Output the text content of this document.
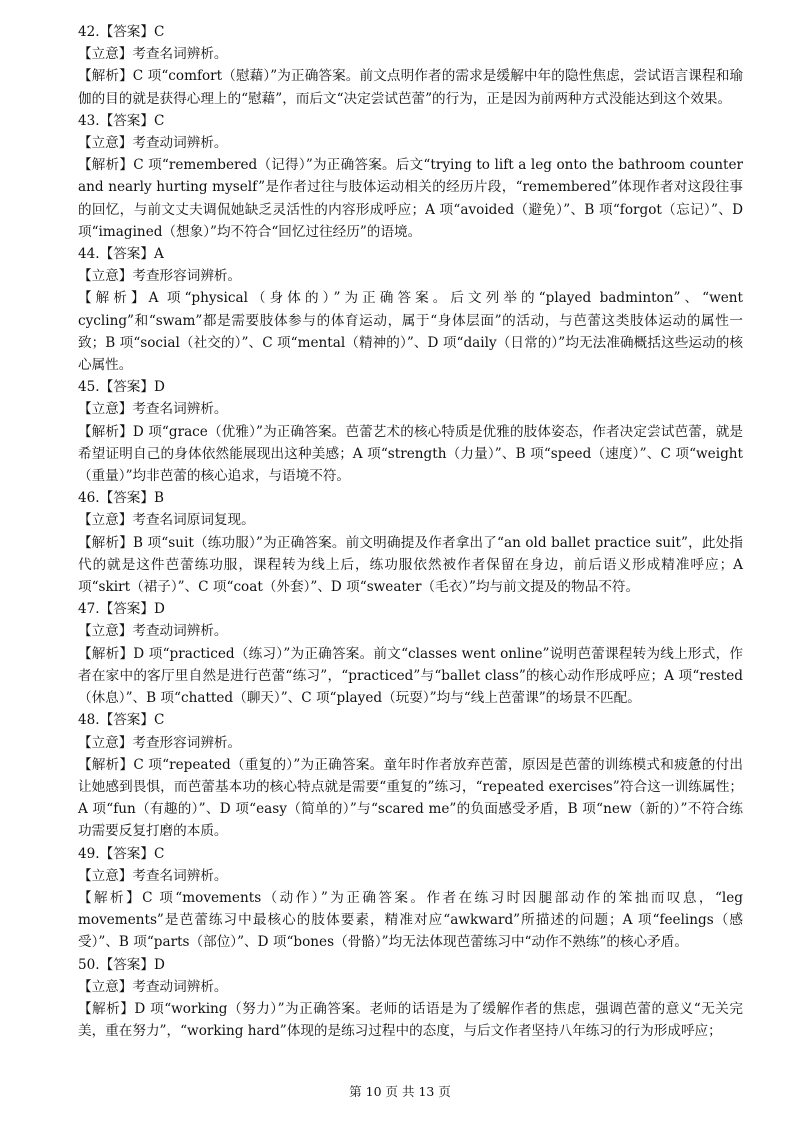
42.【答案】C
【立意】考查名词辨析。
【解析】C 项“comfort（慰藉）”为正确答案。前文点明作者的需求是缓解中年的隐性焦虑，尝试语言课程和瑜伽的目的就是获得心理上的“慰藉”，而后文“决定尝试芭蕾”的行为，正是因为前两种方式没能达到这个效果。
43.【答案】C
【立意】考查动词辨析。
【解析】C 项“remembered（记得）”为正确答案。后文“trying to lift a leg onto the bathroom counter and nearly hurting myself”是作者过往与肢体运动相关的经历片段，“remembered”体现作者对这段往事的回忆，与前文丈夫调侃她缺乏灵活性的内容形成呼应；A 项“avoided（避免）”、B 项“forgot（忘记）”、D 项“imagined（想象）”均不符合“回忆过往经历”的语境。
44.【答案】A
【立意】考查形容词辨析。
【解析】A 项“physical（身体的）”为正确答案。后文列举的“played badminton”、“went cycling”和“swam”都是需要肢体参与的体育运动，属于“身体层面”的活动，与芭蕾这类肢体运动的属性一致；B 项“social（社交的）”、C 项“mental（精神的）”、D 项“daily（日常的）”均无法准确概括这些运动的核心属性。
45.【答案】D
【立意】考查名词辨析。
【解析】D 项“grace（优雅）”为正确答案。芭蕾艺术的核心特质是优雅的肢体姿态，作者决定尝试芭蕾，就是希望证明自己的身体依然能展现出这种美感；A 项“strength（力量）”、B 项“speed（速度）”、C 项“weight（重量）”均非芭蕾的核心追求，与语境不符。
46.【答案】B
【立意】考查名词原词复现。
【解析】B 项“suit（练功服）”为正确答案。前文明确提及作者拿出了“an old ballet practice suit”，此处指代的就是这件芭蕾练功服，课程转为线上后，练功服依然被作者保留在身边，前后语义形成精准呼应；A 项“skirt（裙子）”、C 项“coat（外套）”、D 项“sweater（毛衣）”均与前文提及的物品不符。
47.【答案】D
【立意】考查动词辨析。
【解析】D 项“practiced（练习）”为正确答案。前文“classes went online”说明芭蕾课程转为线上形式，作者在家中的客厅里自然是进行芭蕾“练习”，“practiced”与“ballet class”的核心动作形成呼应；A 项“rested（休息）”、B 项“chatted（聊天）”、C 项“played（玩耍）”均与“线上芭蕾课”的场景不匹配。
48.【答案】C
【立意】考查形容词辨析。
【解析】C 项“repeated（重复的）”为正确答案。童年时作者放弃芭蕾，原因是芭蕾的训练模式和疲惫的付出让她感到畏惧，而芭蕾基本功的核心特点就是需要“重复的”练习，“repeated exercises”符合这一训练属性；A 项“fun（有趣的）”、D 项“easy（简单的）”与“scared me”的负面感受矛盾，B 项“new（新的）”不符合练功需要反复打磨的本质。
49.【答案】C
【立意】考查名词辨析。
【解析】C 项“movements（动作）”为正确答案。作者在练习时因腿部动作的笨拙而叹息，“leg movements”是芭蕾练习中最核心的肢体要素，精准对应“awkward”所描述的问题；A 项“feelings（感受）”、B 项“parts（部位）”、D 项“bones（骨骼）”均无法体现芭蕾练习中“动作不熟练”的核心矛盾。
50.【答案】D
【立意】考查动词辨析。
【解析】D 项“working（努力）”为正确答案。老师的话语是为了缓解作者的焦虑，强调芭蕾的意义“无关完美，重在努力”，“working hard”体现的是练习过程中的态度，与后文作者坚持八年练习的行为形成呼应；
第 10 页 共 13 页
